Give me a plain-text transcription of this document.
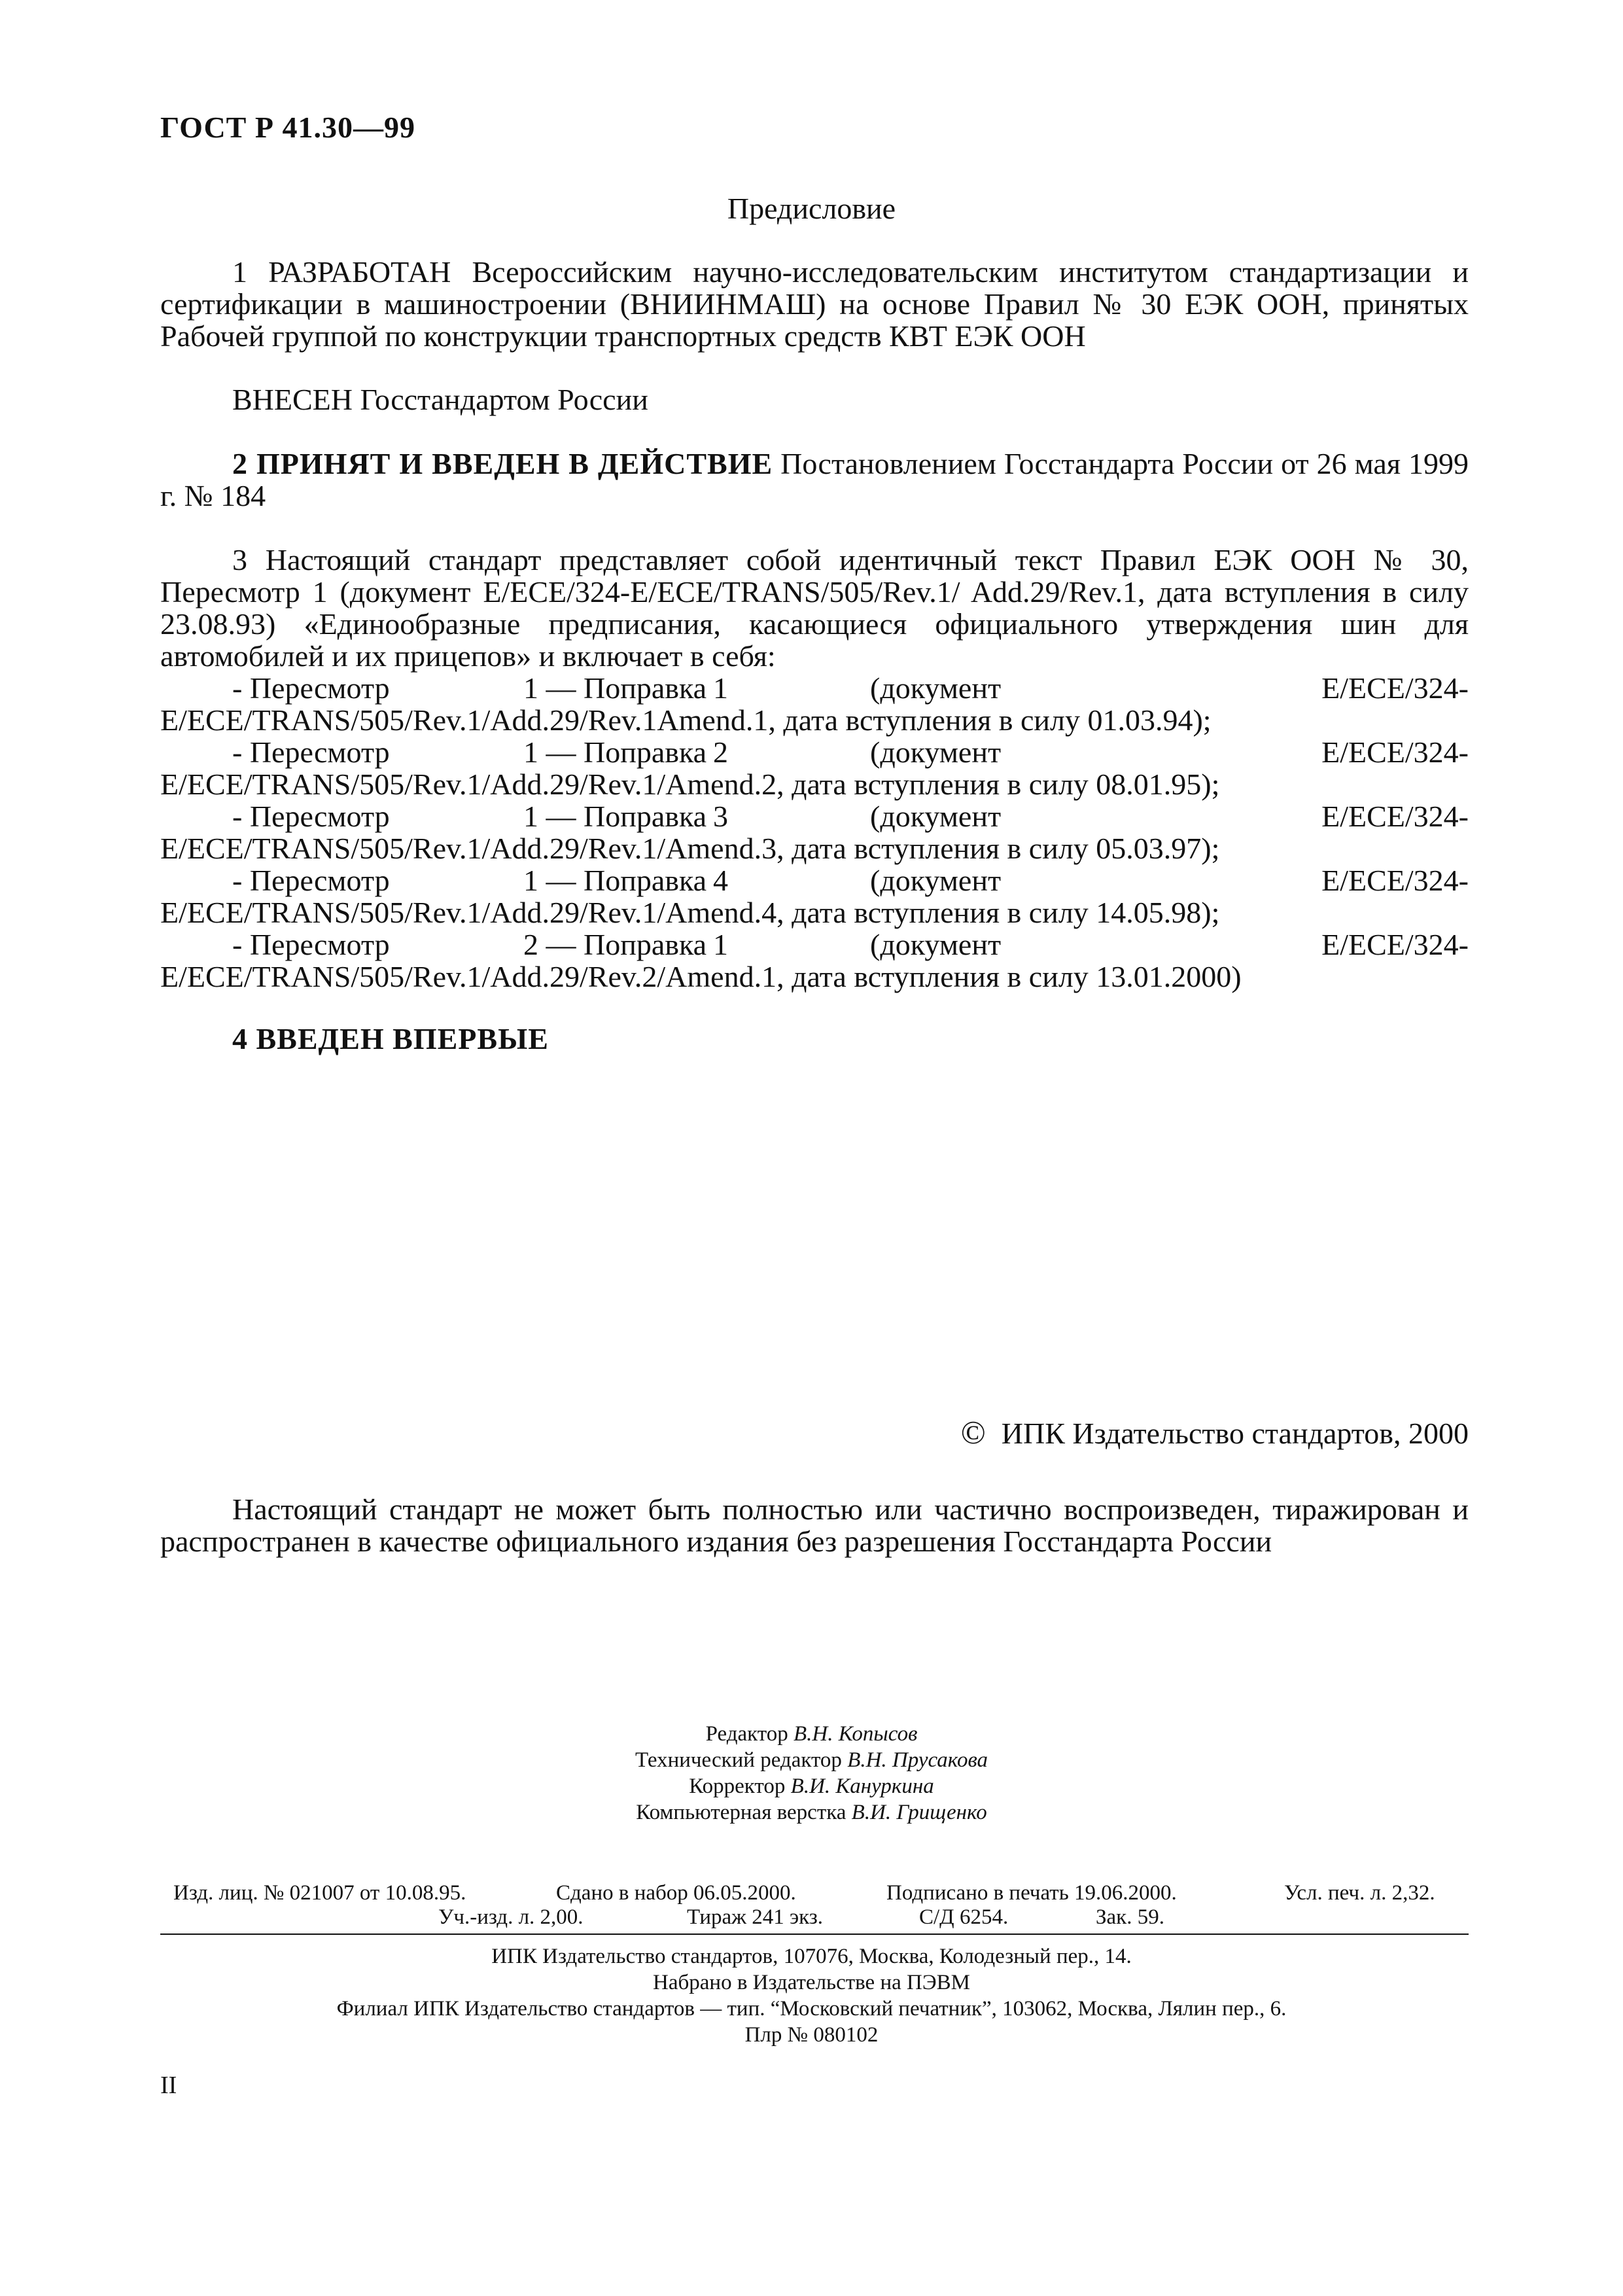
ГОСТ Р 41.30—99
Предисловие
1 РАЗРАБОТАН Всероссийским научно-исследовательским институтом стандартизации и сертификации в машиностроении (ВНИИНМАШ) на основе Правил № 30 ЕЭК ООН, принятых Рабочей группой по конструкции транспортных средств КВТ ЕЭК ООН
ВНЕСЕН Госстандартом России
2 ПРИНЯТ И ВВЕДЕН В ДЕЙСТВИЕ Постановлением Госстандарта России от 26 мая 1999 г. № 184
3 Настоящий стандарт представляет собой идентичный текст Правил ЕЭК ООН № 30, Пересмотр 1 (документ E/ECE/324-E/ECE/TRANS/505/Rev.1/ Add.29/Rev.1, дата вступления в силу 23.08.93) «Единообразные предписания, касающиеся официального утверждения шин для автомобилей и их прицепов» и включает в себя:
- Пересмотр	1 — Поправка 1	(документ	E/ECE/324-
E/ECE/TRANS/505/Rev.1/Add.29/Rev.1Amend.1, дата вступления в силу 01.03.94);
- Пересмотр	1 — Поправка 2	(документ	E/ECE/324-
E/ECE/TRANS/505/Rev.1/Add.29/Rev.1/Amend.2, дата вступления в силу 08.01.95);
- Пересмотр	1 — Поправка 3	(документ	E/ECE/324-
E/ECE/TRANS/505/Rev.1/Add.29/Rev.1/Amend.3, дата вступления в силу 05.03.97);
- Пересмотр	1 — Поправка 4	(документ	E/ECE/324-
E/ECE/TRANS/505/Rev.1/Add.29/Rev.1/Amend.4, дата вступления в силу 14.05.98);
- Пересмотр	2 — Поправка 1	(документ	E/ECE/324-
E/ECE/TRANS/505/Rev.1/Add.29/Rev.2/Amend.1, дата вступления в силу 13.01.2000)
4 ВВЕДЕН ВПЕРВЫЕ
© ИПК Издательство стандартов, 2000
Настоящий стандарт не может быть полностью или частично воспроизведен, тиражирован и распространен в качестве официального издания без разрешения Госстандарта России
Редактор В.Н. Копысов
Технический редактор В.Н. Прусакова
Корректор В.И. Кануркина
Компьютерная верстка В.И. Грищенко
Изд. лиц. № 021007 от 10.08.95.	Сдано в набор 06.05.2000.	Подписано в печать 19.06.2000.	Усл. печ. л. 2,32.
Уч.-изд. л. 2,00.	Тираж 241 экз.	С/Д 6254.	Зак. 59.
ИПК Издательство стандартов, 107076, Москва, Колодезный пер., 14.
Набрано в Издательстве на ПЭВМ
Филиал ИПК Издательство стандартов — тип. “Московский печатник”, 103062, Москва, Лялин пер., 6.
Плр № 080102
II
